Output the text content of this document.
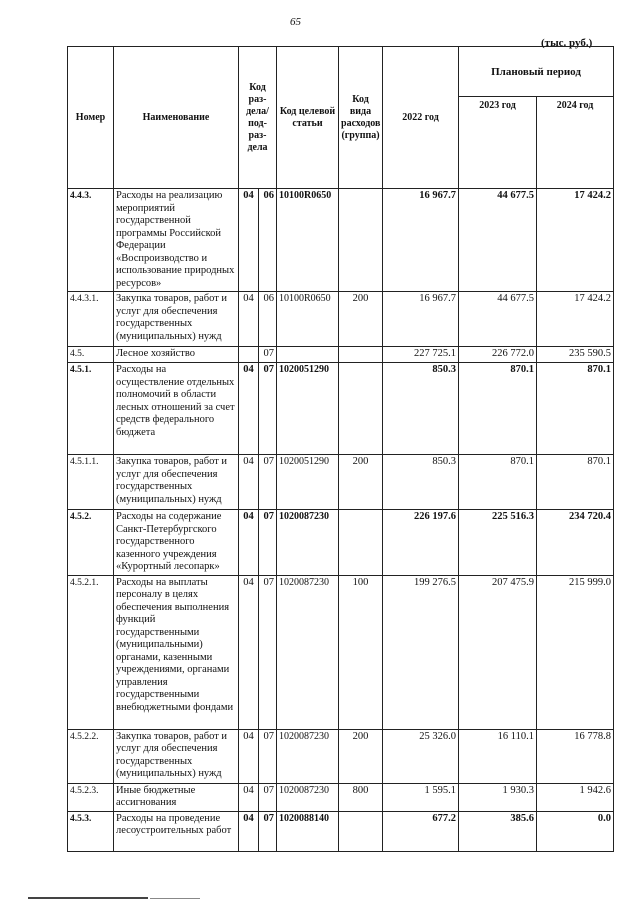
65
(тыс. руб.)
Номер	Наименование	Код раз- дела/ под- раз- дела		Код целевой статьи	Код вида расходов (группа)	2022 год	Плановый период	
							2023 год	2024 год
4.4.3.	Расходы на реализацию мероприятий государственной программы Российской Федерации «Воспроизводство и использование природных ресурсов»	04	06	10100R0650		16 967.7	44 677.5	17 424.2
4.4.3.1.	Закупка товаров, работ и услуг для обеспечения государственных (муниципальных) нужд	04	06	10100R0650	200	16 967.7	44 677.5	17 424.2
4.5.	Лесное хозяйство		07			227 725.1	226 772.0	235 590.5
4.5.1.	Расходы на осуществление отдельных полномочий в области лесных отношений за счет средств федерального бюджета	04	07	1020051290		850.3	870.1	870.1
4.5.1.1.	Закупка товаров, работ и услуг для обеспечения государственных (муниципальных) нужд	04	07	1020051290	200	850.3	870.1	870.1
4.5.2.	Расходы на содержание Санкт-Петербургского государственного казенного учреждения «Курортный лесопарк»	04	07	1020087230		226 197.6	225 516.3	234 720.4
4.5.2.1.	Расходы на выплаты персоналу в целях обеспечения выполнения функций государственными (муниципальными) органами, казенными учреждениями, органами управления государственными внебюджетными фондами	04	07	1020087230	100	199 276.5	207 475.9	215 999.0
4.5.2.2.	Закупка товаров, работ и услуг для обеспечения государственных (муниципальных) нужд	04	07	1020087230	200	25 326.0	16 110.1	16 778.8
4.5.2.3.	Иные бюджетные ассигнования	04	07	1020087230	800	1 595.1	1 930.3	1 942.6
4.5.3.	Расходы на проведение лесоустроительных работ	04	07	1020088140		677.2	385.6	0.0
